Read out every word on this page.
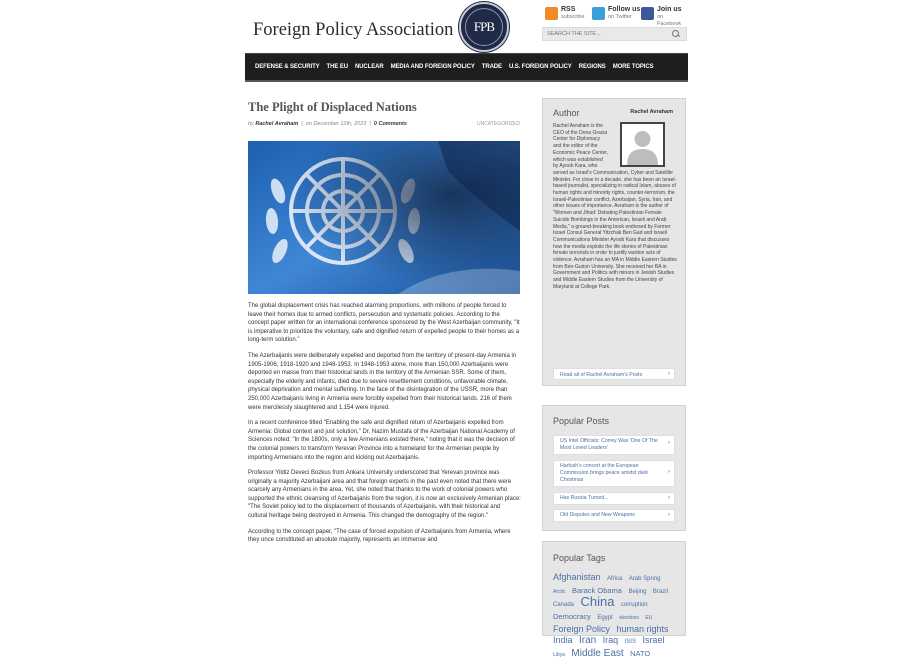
Foreign Policy Association	FPB
RSS
subscribe
Follow us
on Twitter
Join us
on Facebook
SEARCH THE SITE...
DEFENSE & SECURITY THE EU NUCLEAR MEDIA AND FOREIGN POLICY TRADE U.S. FOREIGN POLICY REGIONS MORE TOPICS
The Plight of Displaced Nations
by Rachel Avraham  |  on December 12th, 2023  |  0 Comments	UNCATEGORIZED

The global displacement crisis has reached alarming proportions, with millions of people forced to leave their homes due to armed conflicts, persecution and systematic policies. According to the concept paper written for an international conference sponsored by the West Azerbaijan community, "It is imperative to prioritize the voluntary, safe and dignified return of expelled people to their homes as a long-term solution."

The Azerbaijanis were deliberately expelled and deported from the territory of present-day Armenia in 1905-1906, 1918-1920 and 1948-1953. In 1948-1953 alone, more than 150,000 Azerbaijanis were deported en masse from their historical lands in the territory of the Armenian SSR. Some of them, especially the elderly and infants, died due to severe resettlement conditions, unfavorable climate, physical deprivation and mental suffering. In the face of the disintegration of the USSR, more than 250,000 Azerbaijanis living in Armenia were forcibly expelled from their historical lands. 216 of them were mercilessly slaughtered and 1,154 were injured.

In a recent conference titled "Enabling the safe and dignified return of Azerbaijanis expelled from Armenia: Global context and just solution," Dr. Nazim Mustafa of the Azerbaijan National Academy of Sciences noted: "In the 1800s, only a few Armenians existed there," noting that it was the decision of the colonial powers to transform Yerevan Province into a homeland for the Armenian people by importing Armenians into the region and kicking out Azerbaijanis.

Professor Yildiz Deveci Bozkus from Ankara University underscored that Yerevan province was originally a majority Azerbaijani area and that foreign experts in the past even noted that there were scarcely any Armenians in the area. Yet, she noted that thanks to the work of colonial powers who supported the ethnic cleansing of Azerbaijanis from the region, it is now an exclusively Armenian place: "The Soviet policy led to the displacement of thousands of Azerbaijanis, with their historical and cultural heritage being destroyed in Armenia. This changed the demography of the region."

According to the concept paper, "The case of forced expulsion of Azerbaijanis from Armenia, where they once constituted an absolute majority, represents an immense and

Author	Rachel Avraham
Rachel Avraham is the CEO of the Dona Gracia Center for Diplomacy and the editor of the Economic Peace Center, which was established by Ayoob Kara, who served as Israel's Communication, Cyber and Satellite Minister. For close to a decade, she has been an Israel-based journalist, specializing in radical Islam, abuses of human rights and minority rights, counter-terrorism, the Israeli-Palestinian conflict, Azerbaijan, Syria, Iran, and other issues of importance. Avraham is the author of "Women and Jihad: Debating Palestinian Female Suicide Bombings in the American, Israeli and Arab Media," a ground-breaking book endorsed by Former Israel Consul General Yitzchak Ben Gad and Israeli Communications Minister Ayoob Kara that discusses how the media exploits the life stories of Palestinian female terrorists in order to justify wanton acts of violence. Avraham has an MA in Middle Eastern Studies from Ben-Gurion University. She received her BA in Government and Politics with minors in Jewish Studies and Middle Eastern Studies from the University of Maryland at College Park.
Read all of Rachel Avraham's Posts	›
Popular Posts
US Intel Officials: Correy Was 'One Of The Most Loved Leaders'
›
Harfush's concert at the European Commission brings peace amidst dark Christmas
›
Has Russia Turned...	›
Old Disputes and New Weapons	›
Popular Tags
Afghanistan Africa Arab Spring Arctic Barack Obama Beijing Brazil Canada China corruption Democracy Egypt elections EU Foreign Policy human rights India Iran Iraq ISIS Israel Libya Middle East NATO
